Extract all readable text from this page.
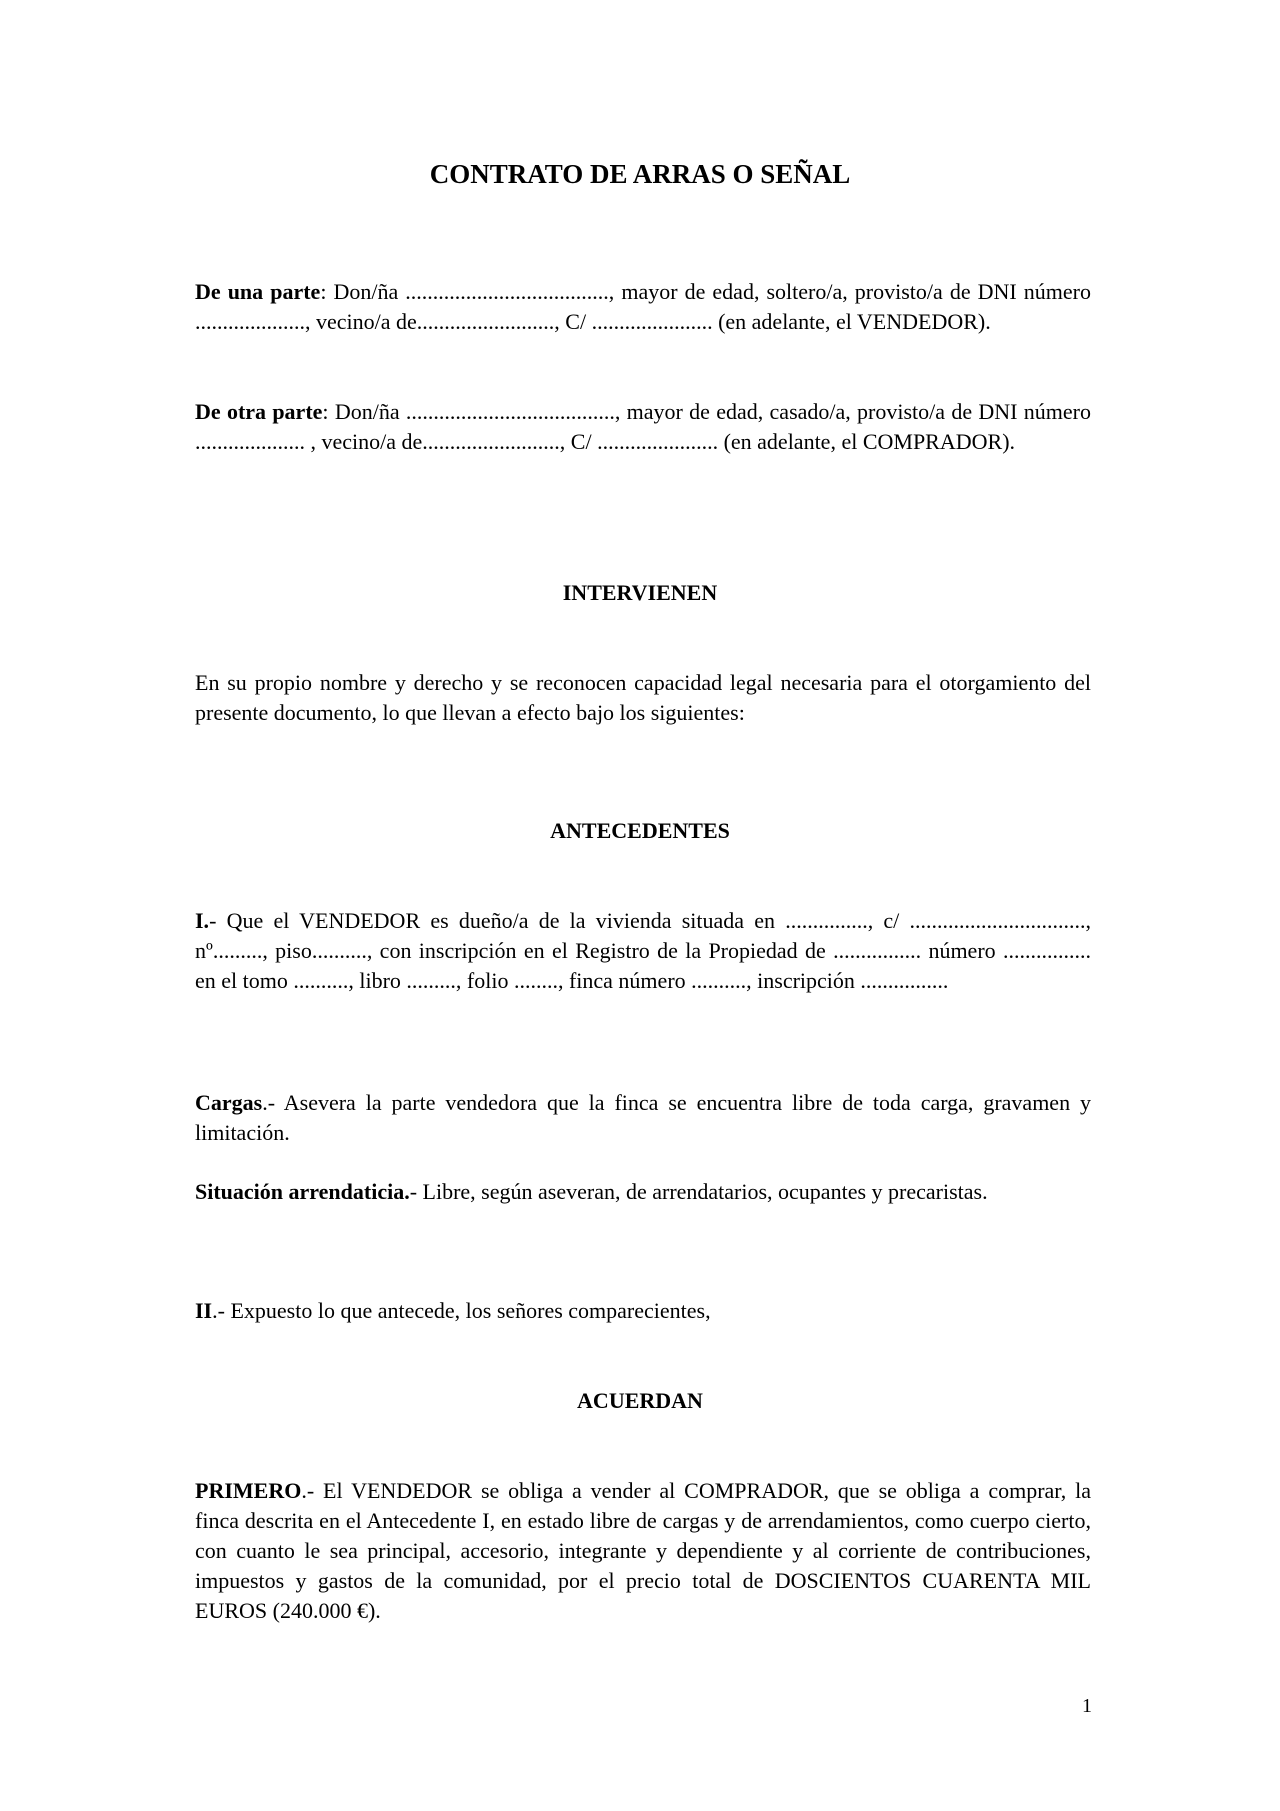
CONTRATO DE ARRAS O SEÑAL

De una parte: Don/ña ....................................., mayor de edad, soltero/a, provisto/a de DNI número ...................., vecino/a de........................., C/ ...................... (en adelante, el VENDEDOR).

De otra parte: Don/ña ......................................, mayor de edad, casado/a, provisto/a de DNI número .................... , vecino/a de........................., C/ ...................... (en adelante, el COMPRADOR).

INTERVIENEN

En su propio nombre y derecho y se reconocen capacidad legal necesaria para el otorgamiento del presente documento, lo que llevan a efecto bajo los siguientes:

ANTECEDENTES

I.- Que el VENDEDOR es dueño/a de la vivienda situada en ..............., c/ ................................, nº........., piso.........., con inscripción en el Registro de la Propiedad de ................ número ................ en el tomo .........., libro ........., folio ........, finca número .........., inscripción ................

Cargas.- Asevera la parte vendedora que la finca se encuentra libre de toda carga, gravamen y limitación.

Situación arrendaticia.- Libre, según aseveran, de arrendatarios, ocupantes y precaristas.

II.- Expuesto lo que antecede, los señores comparecientes,

ACUERDAN

PRIMERO.- El VENDEDOR se obliga a vender al COMPRADOR, que se obliga a comprar, la finca descrita en el Antecedente I, en estado libre de cargas y de arrendamientos, como cuerpo cierto, con cuanto le sea principal, accesorio, integrante y dependiente y al corriente de contribuciones, impuestos y gastos de la comunidad, por el precio total de DOSCIENTOS CUARENTA MIL EUROS (240.000 €).

1
